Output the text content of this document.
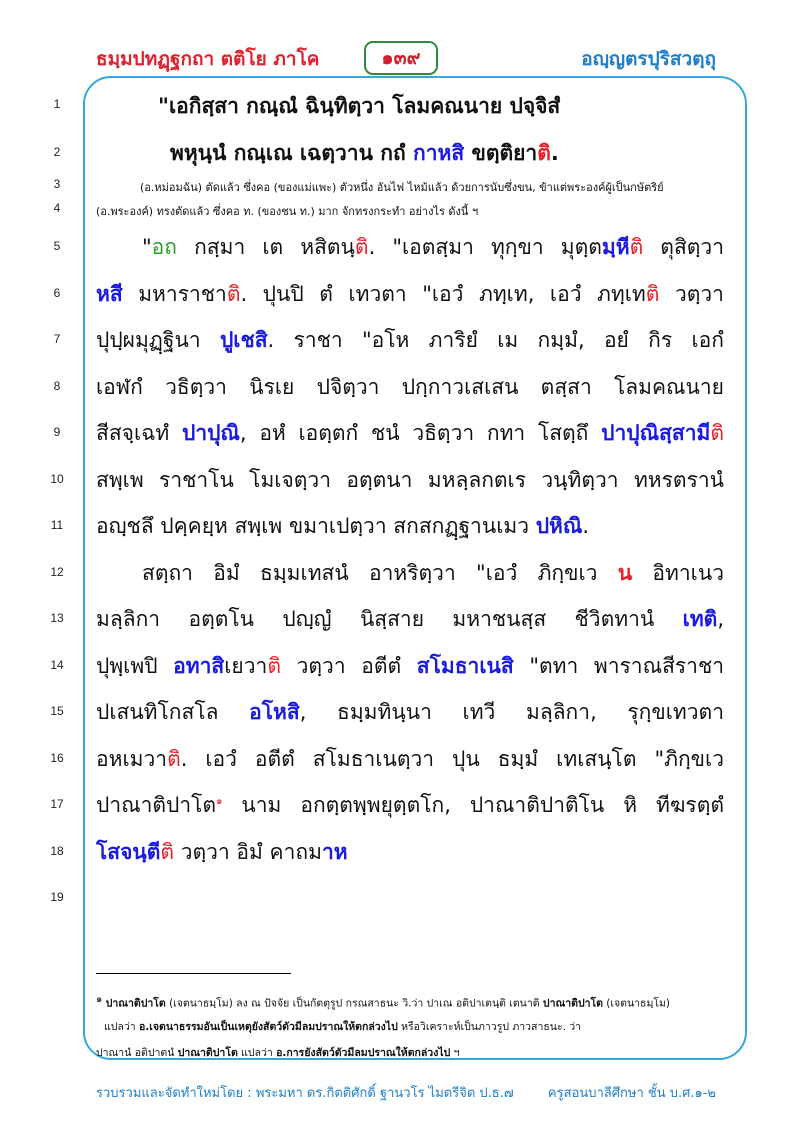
ธมฺมปทฏฺฐกถา ตติโย ภาโค	๑๓๙	อญฺญตรปุริสวตฺถุ
1
2
3
4
5
6
7
8
9
10
11
12
13
14
15
16
17
18
19
"เอกิสฺสา กณฺณํ ฉินฺทิตฺวา โลมคณนาย ปจฺจิสํ
พหุนฺนํ กณฺเณ เฉตฺวาน กถํ กาหสิ ขตฺติยาติ.
(อ.หม่อมฉัน) ตัดแล้ว ซึ่งคอ (ของแม่แพะ) ตัวหนึ่ง อันไฟ ไหม้แล้ว ด้วยการนับซึ่งขน, ข้าแต่พระองค์ผู้เป็นกษัตริย์
(อ.พระองค์) ทรงตัดแล้ว ซึ่งคอ ท. (ของชน ท.) มาก จักทรงกระทำ อย่างไร ดังนี้ ฯ
"อถ กสฺมา เต หสิตนฺติ. "เอตสฺมา ทุกฺขา มุตฺตมฺหีติ ตุสิตฺวา
หสี มหาราชาติ. ปุนปิ ตํ เทวตา "เอวํ ภทฺเท, เอวํ ภทฺเทติ วตฺวา
ปุปฺผมุฏฺฐินา ปูเชสิ. ราชา "อโห ภาริยํ เม กมฺมํ, อยํ กิร เอกํ
เอฬกํ วธิตฺวา นิรเย ปจิตฺวา ปกฺกาวเสเสน ตสฺสา โลมคณนาย
สีสจฺเฉทํ ปาปุณิ, อหํ เอตฺตกํ ชนํ วธิตฺวา กทา โสตฺถึ ปาปุณิสฺสามีติ
สพฺเพ ราชาโน โมเจตฺวา อตฺตนา มหลฺลกตเร วนฺทิตฺวา ทหรตรานํ
อญฺชลึ ปคฺคยฺห สพฺเพ ขมาเปตฺวา สกสกฏฺฐานเมว ปหิณิ.
สตฺถา อิมํ ธมฺมเทสนํ อาหริตฺวา "เอวํ ภิกฺขเว น อิทาเนว
มลฺลิกา อตฺตโน ปญฺญํ นิสฺสาย มหาชนสฺส ชีวิตทานํ เทติ,
ปุพฺเพปิ อทาสิเยวาติ วตฺวา อตีตํ สโมธาเนสิ "ตทา พาราณสีราชา
ปเสนทิโกสโล อโหสิ, ธมฺมทินฺนา เทวี มลฺลิกา, รุกฺขเทวตา
อหเมวาติ. เอวํ อตีตํ สโมธาเนตฺวา ปุน ธมฺมํ เทเสนฺโต "ภิกฺขเว
ปาณาติปาโต$^๑$ นาม อกตฺตพฺพยุตฺตโก, ปาณาติปาติโน หิ ทีฆรตฺตํ
โสจนฺตีติ วตฺวา อิมํ คาถมาห
๑ ปาณาติปาโต (เจตนาธมฺโม) ลง ณ ปัจจัย เป็นกัตตุรูป กรณสาธนะ วิ.ว่า ปาเณ อติปาเตนฺติ เตนาติ ปาณาติปาโต (เจตนาธมฺโม)
แปลว่า อ.เจตนาธรรมอันเป็นเหตุยังสัตว์ตัวมีลมปราณให้ตกล่วงไป หรือวิเคราะห์เป็นภาวรูป ภาวสาธนะ. ว่า
ปาณานํ อติปาตนํ ปาณาติปาโต แปลว่า อ.การยังสัตว์ตัวมีลมปราณให้ตกล่วงไป ฯ
รวบรวมและจัดทำใหม่โดย : พระมหา ดร.กิตติศักดิ์ ฐานวโร ไมตรีจิต ป.ธ.๗	ครูสอนบาลีศึกษา ชั้น บ.ศ.๑-๒
